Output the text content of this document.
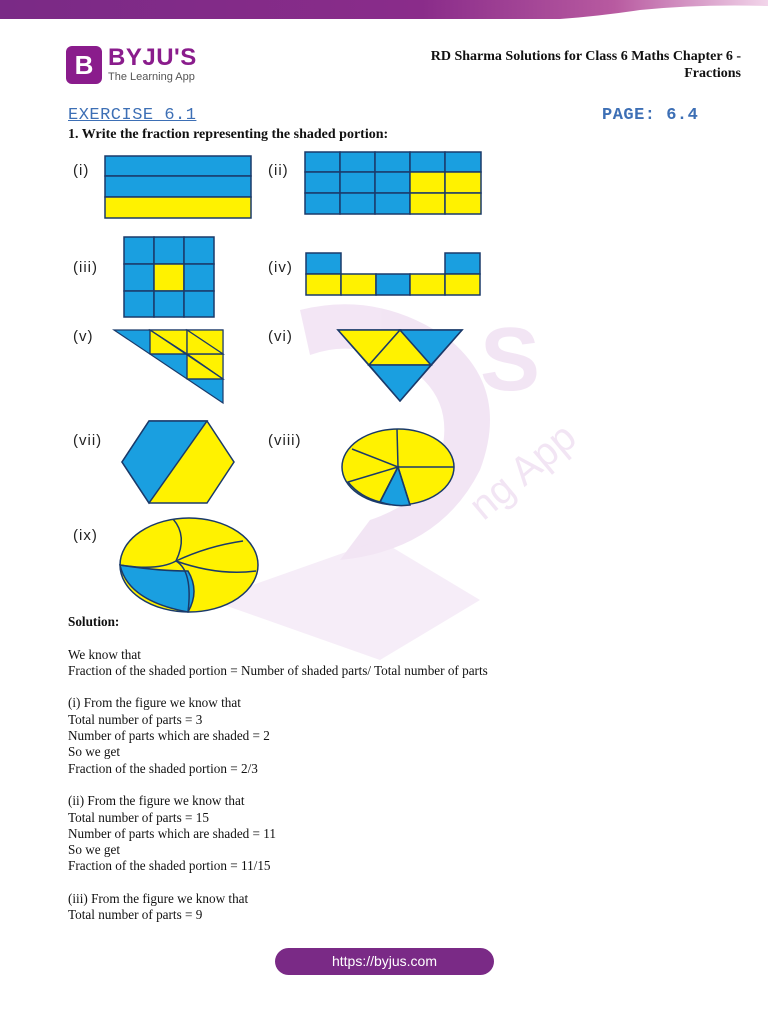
B BYJU'S
The Learning App
RD Sharma Solutions for Class 6 Maths Chapter 6 -
Fractions
S
ng App
EXERCISE 6.1	PAGE: 6.4
1. Write the fraction representing the shaded portion:
(i)	(ii)
(iii)	(iv)
(v)	(vi)
(vii)	(viii)
(ix)

Solution:

We know that

Fraction of the shaded portion = Number of shaded parts/ Total number of parts

(i) From the figure we know that

Total number of parts = 3

Number of parts which are shaded = 2

So we get

Fraction of the shaded portion = 2/3

(ii) From the figure we know that

Total number of parts = 15

Number of parts which are shaded = 11

So we get

Fraction of the shaded portion = 11/15

(iii) From the figure we know that

Total number of parts = 9

https://byjus.com
